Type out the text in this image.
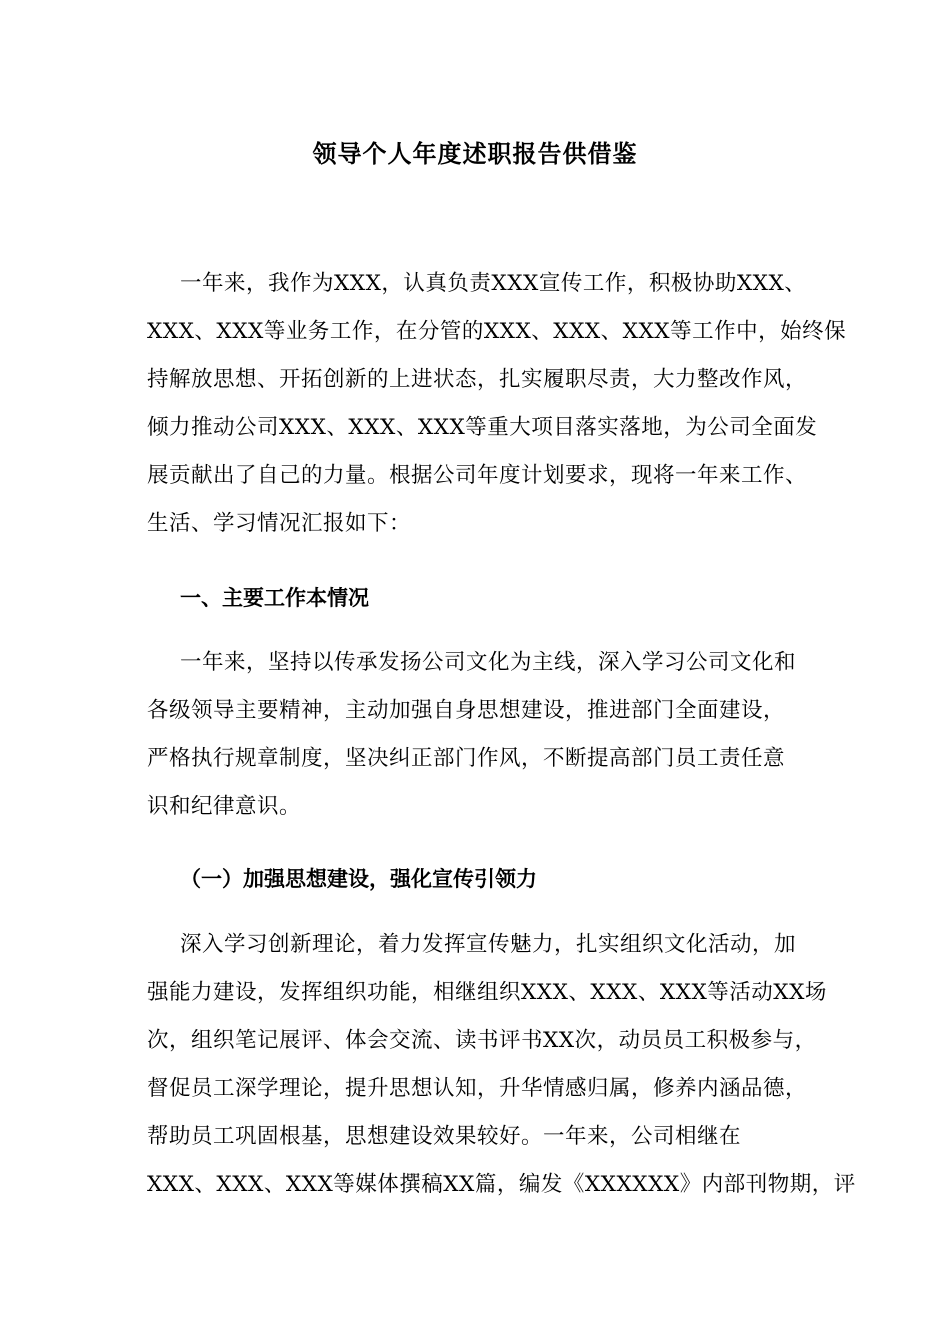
领导个人年度述职报告供借鉴
一年来，我作为XXX，认真负责XXX宣传工作，积极协助XXX、
XXX、XXX等业务工作，在分管的XXX、XXX、XXX等工作中，始终保
持解放思想、开拓创新的上进状态，扎实履职尽责，大力整改作风，
倾力推动公司XXX、XXX、XXX等重大项目落实落地，为公司全面发
展贡献出了自己的力量。根据公司年度计划要求，现将一年来工作、
生活、学习情况汇报如下：
一、主要工作本情况
一年来，坚持以传承发扬公司文化为主线，深入学习公司文化和
各级领导主要精神，主动加强自身思想建设，推进部门全面建设，
严格执行规章制度，坚决纠正部门作风，不断提高部门员工责任意
识和纪律意识。
（一）加强思想建设，强化宣传引领力
深入学习创新理论，着力发挥宣传魅力，扎实组织文化活动，加
强能力建设，发挥组织功能，相继组织XXX、XXX、XXX等活动XX场
次，组织笔记展评、体会交流、读书评书XX次，动员员工积极参与，
督促员工深学理论，提升思想认知，升华情感归属，修养内涵品德，
帮助员工巩固根基，思想建设效果较好。一年来，公司相继在
XXX、XXX、XXX等媒体撰稿XX篇，编发《XXXXXX》内部刊物期，评
